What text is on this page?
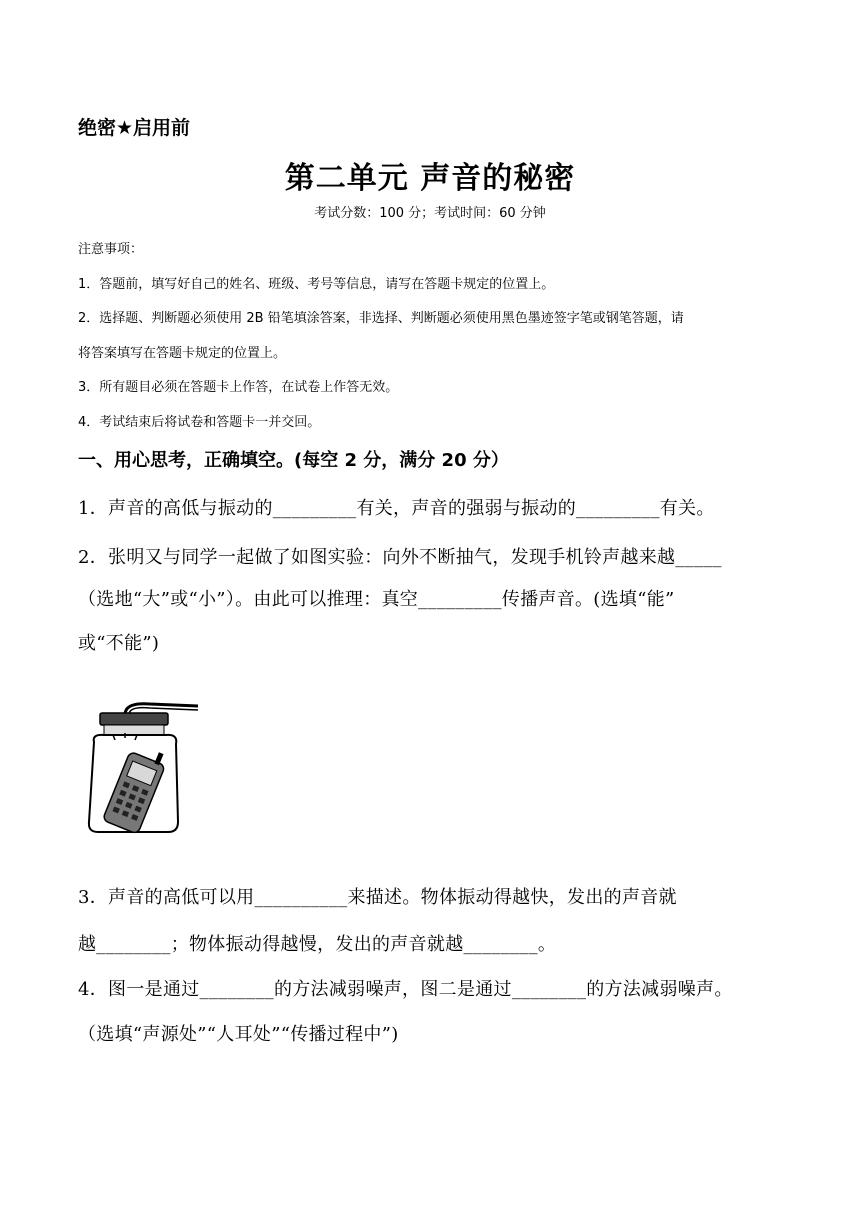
绝密★启用前
第二单元 声音的秘密
考试分数：100 分；考试时间：60 分钟
注意事项：
1．答题前，填写好自己的姓名、班级、考号等信息，请写在答题卡规定的位置上。
2．选择题、判断题必须使用 2B 铅笔填涂答案，非选择、判断题必须使用黑色墨迹签字笔或钢笔答题，请
将答案填写在答题卡规定的位置上。
3．所有题目必须在答题卡上作答，在试卷上作答无效。
4．考试结束后将试卷和答题卡一并交回。
一、用心思考，正确填空。(每空 2 分，满分 20 分）
1．声音的高低与振动的_________有关，声音的强弱与振动的_________有关。
2．张明又与同学一起做了如图实验：向外不断抽气，发现手机铃声越来越_____
（选地“大”或“小”）。由此可以推理：真空_________传播声音。(选填“能”
或“不能”)
3．声音的高低可以用__________来描述。物体振动得越快，发出的声音就
越________；物体振动得越慢，发出的声音就越________。
4．图一是通过________的方法减弱噪声，图二是通过________的方法减弱噪声。
（选填“声源处”“人耳处”“传播过程中”)
